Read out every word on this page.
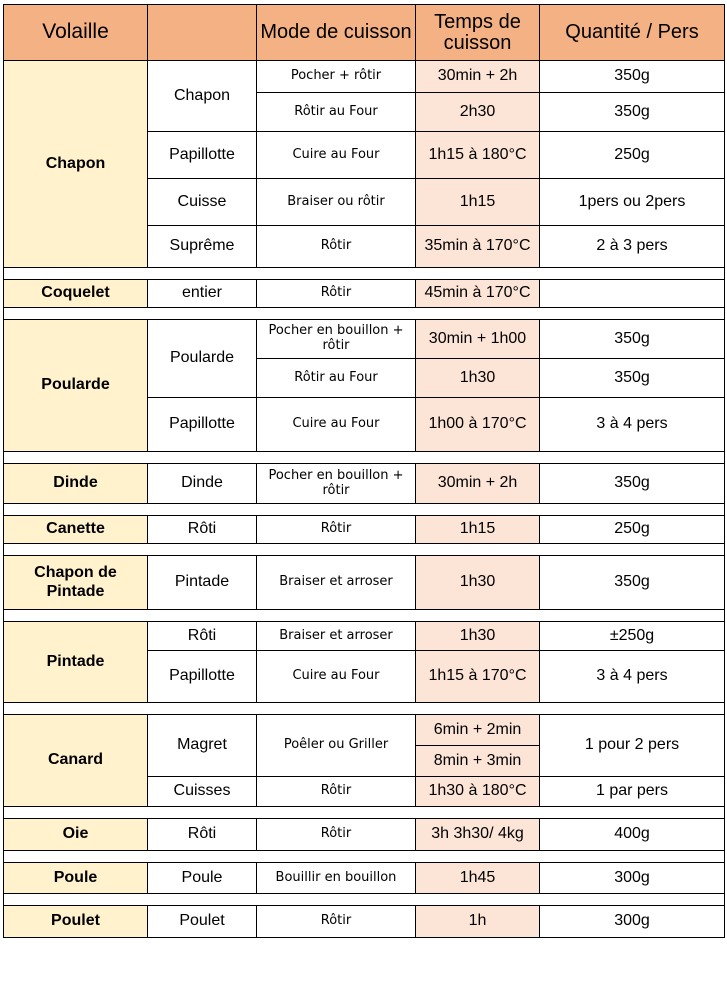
Volaille		Mode de cuisson	Temps de cuisson	Quantité / Pers
Chapon	Chapon	Pocher + rôtir	30min + 2h	350g
		Rôtir au Four	2h30	350g
	Papillotte	Cuire au Four	1h15 à 180°C	250g
	Cuisse	Braiser ou rôtir	1h15	1pers ou 2pers
	Suprême	Rôtir	35min à 170°C	2 à 3 pers

Coquelet	entier	Rôtir	45min à 170°C	

Poularde	Poularde	Pocher en bouillon + rôtir	30min + 1h00	350g
		Rôtir au Four	1h30	350g
	Papillotte	Cuire au Four	1h00 à 170°C	3 à 4 pers

Dinde	Dinde	Pocher en bouillon + rôtir	30min + 2h	350g

Canette	Rôti	Rôtir	1h15	250g

Chapon de Pintade	Pintade	Braiser et arroser	1h30	350g

Pintade	Rôti	Braiser et arroser	1h30	±250g
	Papillotte	Cuire au Four	1h15 à 170°C	3 à 4 pers

Canard	Magret	Poêler ou Griller	6min + 2min	1 pour 2 pers
			8min + 3min	
	Cuisses	Rôtir	1h30 à 180°C	1 par pers

Oie	Rôti	Rôtir	3h 3h30/ 4kg	400g

Poule	Poule	Bouillir en bouillon	1h45	300g

Poulet	Poulet	Rôtir	1h	300g
